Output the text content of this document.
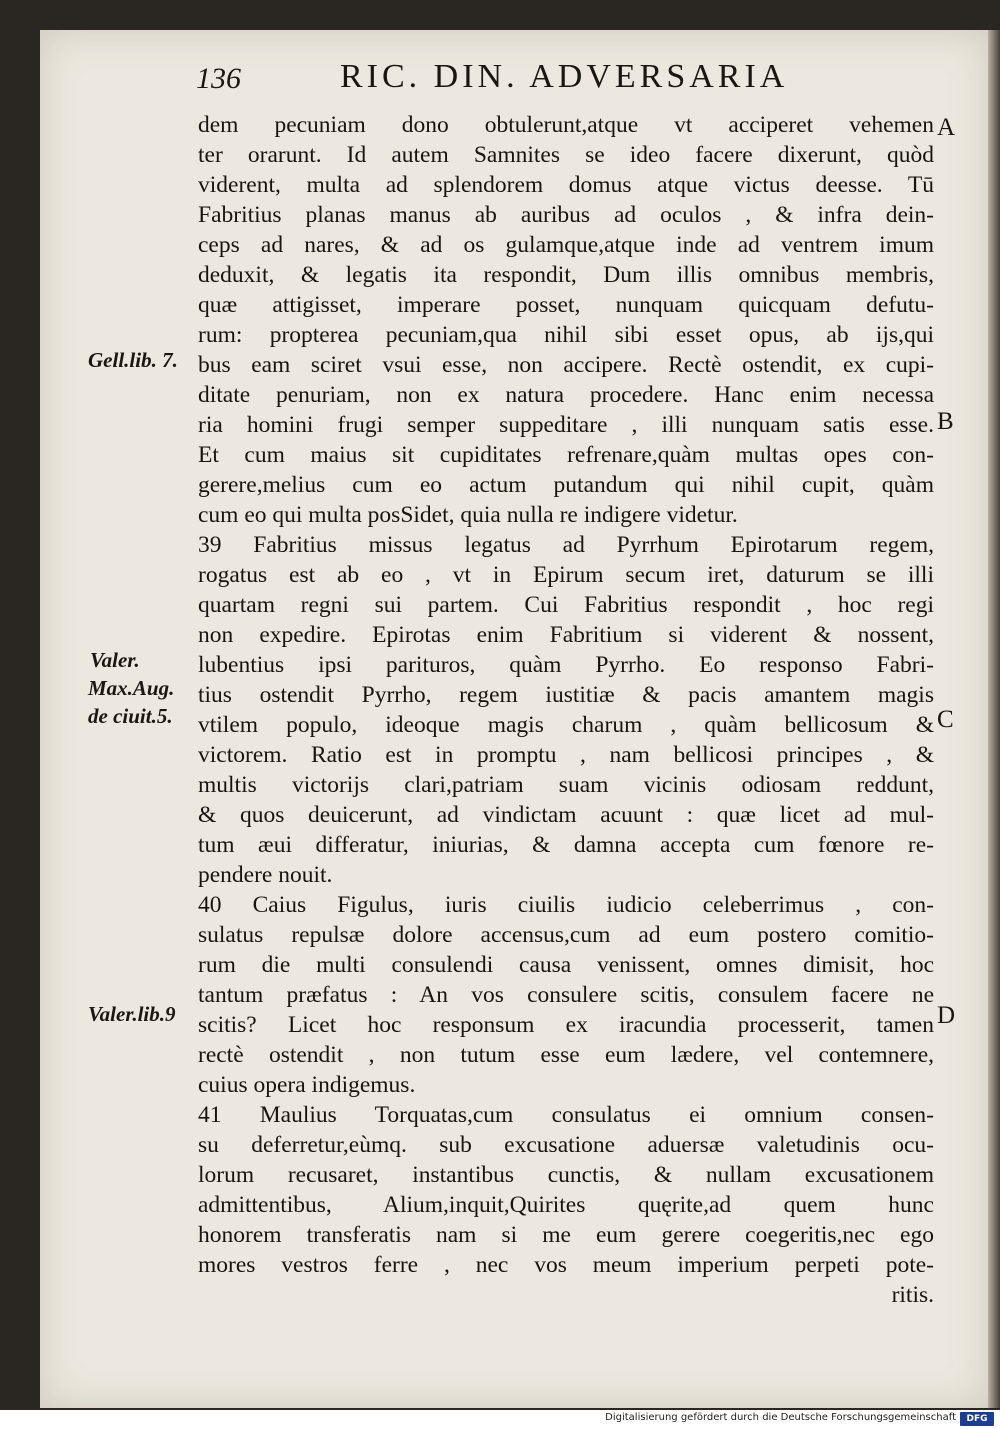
136	RIC. DIN. ADVERSARIA
dem pecuniam dono obtulerunt,atque vt acciperet vehemen
ter orarunt. Id autem Samnites se ideo facere dixerunt, quòd
viderent, multa ad splendorem domus atque victus deesse. Tū
Fabritius planas manus ab auribus ad oculos , & infra dein-
ceps ad nares, & ad os gulamque,atque inde ad ventrem imum
deduxit, & legatis ita respondit, Dum illis omnibus membris,
quæ attigisset, imperare posset, nunquam quicquam defutu-
rum: propterea pecuniam,qua nihil sibi esset opus, ab ijs,qui
bus eam sciret vsui esse, non accipere. Rectè ostendit, ex cupi-
ditate penuriam, non ex natura procedere. Hanc enim necessa
ria homini frugi semper suppeditare , illi nunquam satis esse.
Et cum maius sit cupiditates refrenare,quàm multas opes con-
gerere,melius cum eo actum putandum qui nihil cupit, quàm
cum eo qui multa posSidet, quia nulla re indigere videtur.
39 Fabritius missus legatus ad Pyrrhum Epirotarum regem,
rogatus est ab eo , vt in Epirum secum iret, daturum se illi
quartam regni sui partem. Cui Fabritius respondit , hoc regi
non expedire. Epirotas enim Fabritium si viderent & nossent,
lubentius ipsi parituros, quàm Pyrrho. Eo responso Fabri-
tius ostendit Pyrrho, regem iustitiæ & pacis amantem magis
vtilem populo, ideoque magis charum , quàm bellicosum &
victorem. Ratio est in promptu , nam bellicosi principes , &
multis victorijs clari,patriam suam vicinis odiosam reddunt,
& quos deuicerunt, ad vindictam acuunt : quæ licet ad mul-
tum æui differatur, iniurias, & damna accepta cum fœnore re-
pendere nouit.
40 Caius Figulus, iuris ciuilis iudicio celeberrimus , con-
sulatus repulsæ dolore accensus,cum ad eum postero comitio-
rum die multi consulendi causa venissent, omnes dimisit, hoc
tantum præfatus : An vos consulere scitis, consulem facere ne
scitis? Licet hoc responsum ex iracundia processerit, tamen
rectè ostendit , non tutum esse eum lædere, vel contemnere,
cuius opera indigemus.
41 Maulius Torquatas,cum consulatus ei omnium consen-
su deferretur,eùmq. sub excusatione aduersæ valetudinis ocu-
lorum recusaret, instantibus cunctis, & nullam excusationem
admittentibus, Alium,inquit,Quirites quęrite,ad quem hunc
honorem transferatis nam si me eum gerere coegeritis,nec ego
mores vestros ferre , nec vos meum imperium perpeti pote-
ritis.
Gell.lib. 7.
Valer.
Max.Aug.
de ciuit.5.
Valer.lib.9
A
B
C
D
Digitalisierung gefördert durch die Deutsche Forschungsgemeinschaft	DFG
